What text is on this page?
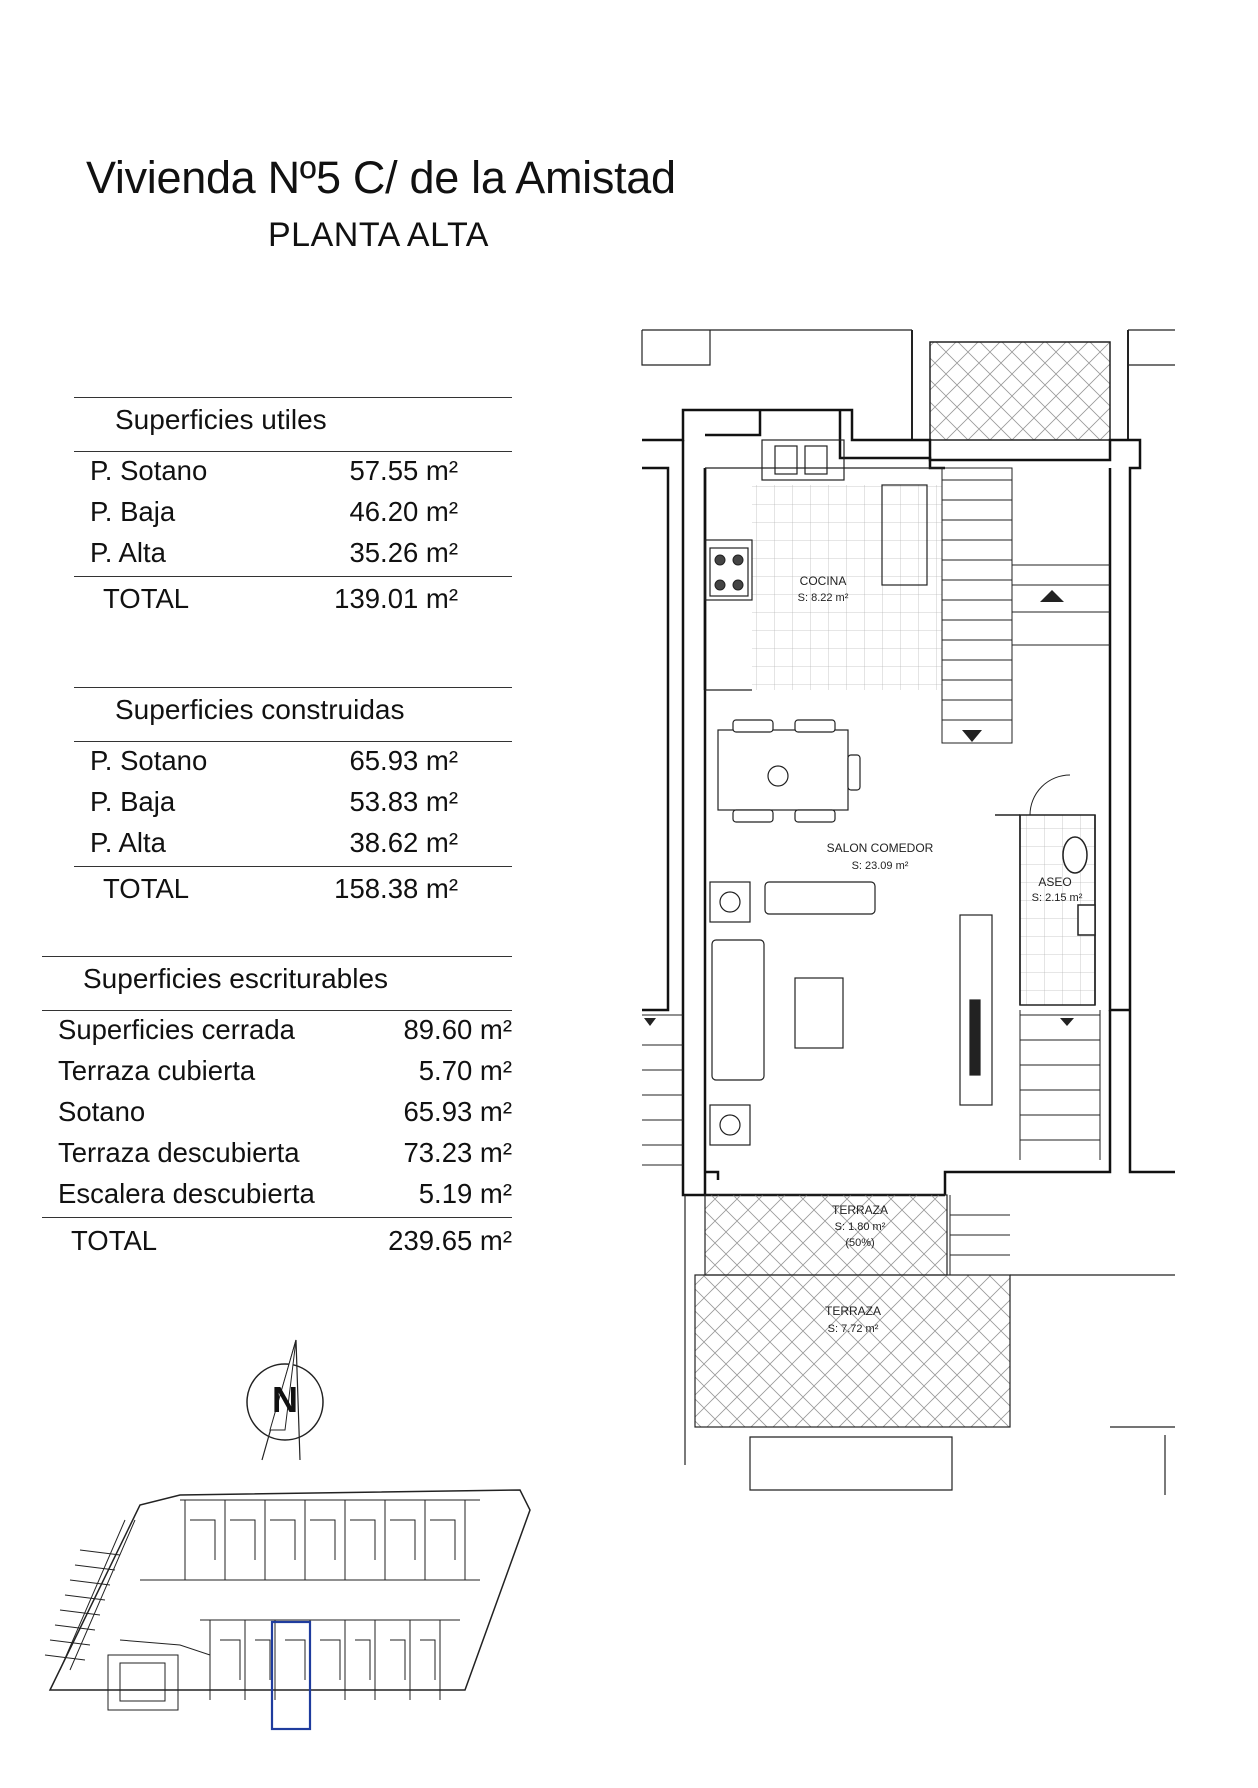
Vivienda Nº5 C/ de la Amistad
PLANTA ALTA
Superficies utiles
P. Sotano	57.55 m²
P. Baja	46.20 m²
P. Alta	35.26 m²
TOTAL	139.01 m²
Superficies construidas
P. Sotano	65.93 m²
P. Baja	53.83 m²
P. Alta	38.62 m²
TOTAL	158.38 m²
Superficies escriturables
Superficies cerrada	89.60 m²
Terraza cubierta	5.70 m²
Sotano	65.93 m²
Terraza descubierta	73.23 m²
Escalera descubierta	5.19 m²
TOTAL	239.65 m²
COCINA
S: 8.22 m²
SALON COMEDOR
S: 23.09 m²
ASEO
S: 2.15 m²
TERRAZA
S: 1.80 m²
(50%)
TERRAZA
S: 7.72 m²
N
